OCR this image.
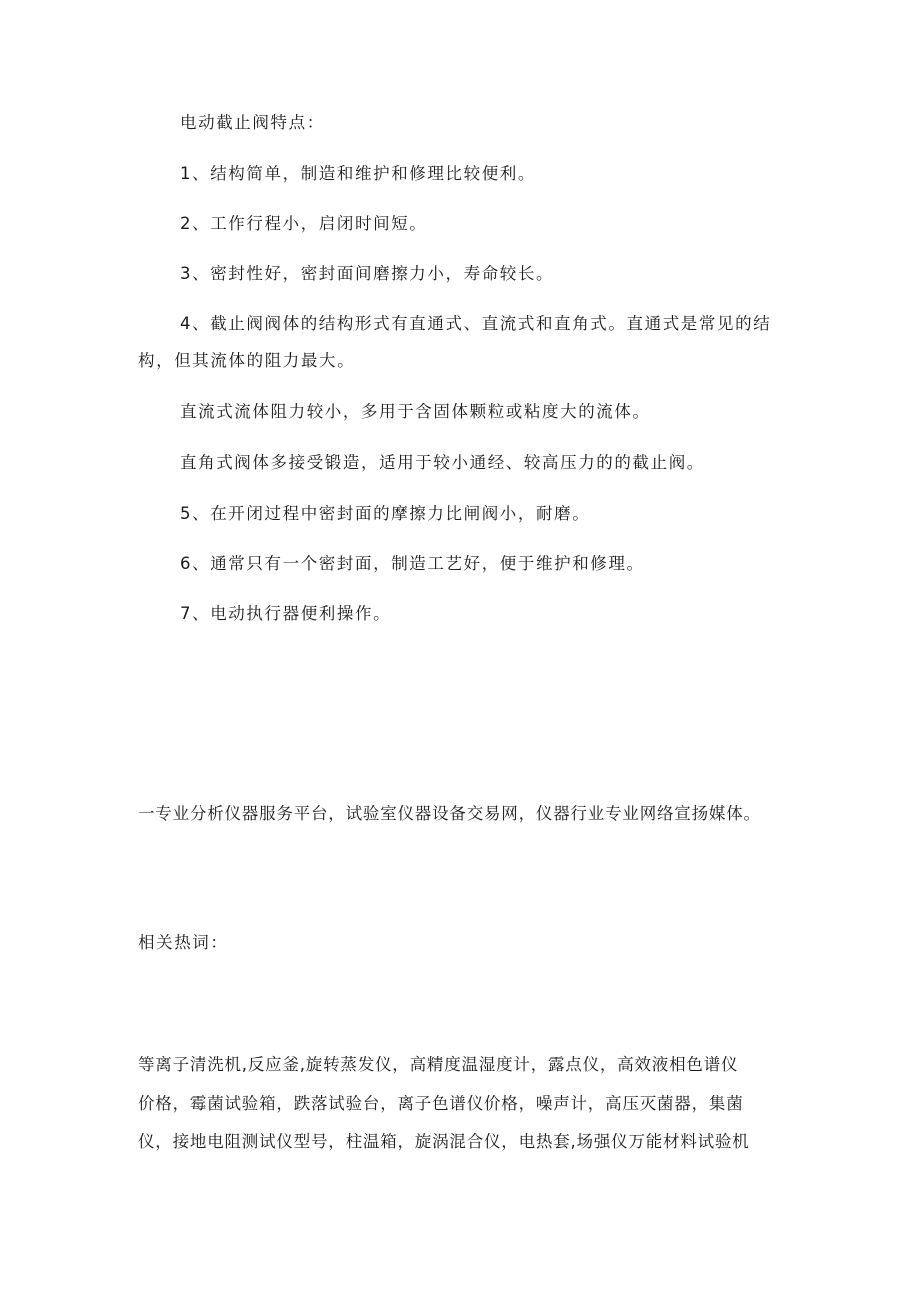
电动截止阀特点：
1、结构简单，制造和维护和修理比较便利。
2、工作行程小，启闭时间短。
3、密封性好，密封面间磨擦力小，寿命较长。
4、截止阀阀体的结构形式有直通式、直流式和直角式。直通式是常见的结
构，但其流体的阻力最大。
直流式流体阻力较小，多用于含固体颗粒或粘度大的流体。
直角式阀体多接受锻造，适用于较小通经、较高压力的的截止阀。
5、在开闭过程中密封面的摩擦力比闸阀小，耐磨。
6、通常只有一个密封面，制造工艺好，便于维护和修理。
7、电动执行器便利操作。
一专业分析仪器服务平台，试验室仪器设备交易网，仪器行业专业网络宣扬媒体。
相关热词：
等离子清洗机,反应釜,旋转蒸发仪，高精度温湿度计，露点仪，高效液相色谱仪
价格，霉菌试验箱，跌落试验台，离子色谱仪价格，噪声计，高压灭菌器，集菌
仪，接地电阻测试仪型号，柱温箱，旋涡混合仪，电热套,场强仪万能材料试验机
